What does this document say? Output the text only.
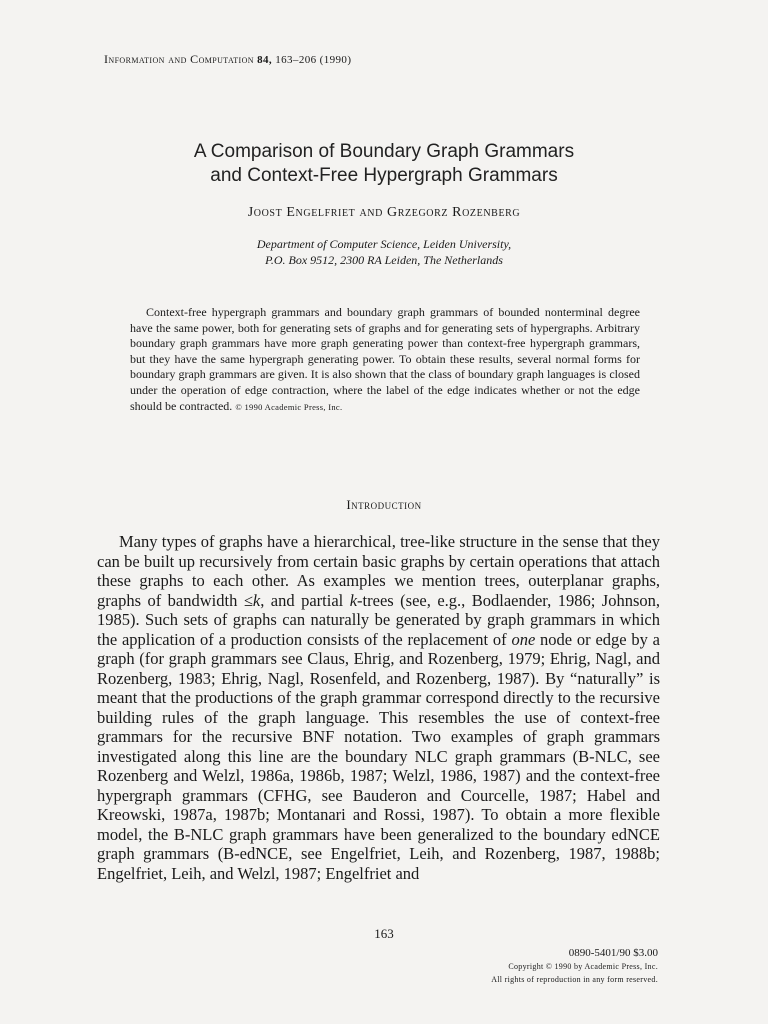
Information and Computation 84, 163–206 (1990)
A Comparison of Boundary Graph Grammars
and Context-Free Hypergraph Grammars
Joost Engelfriet and Grzegorz Rozenberg
Department of Computer Science, Leiden University,
P.O. Box 9512, 2300 RA Leiden, The Netherlands
Context-free hypergraph grammars and boundary graph grammars of bounded nonterminal degree have the same power, both for generating sets of graphs and for generating sets of hypergraphs. Arbitrary boundary graph grammars have more graph generating power than context-free hypergraph grammars, but they have the same hypergraph generating power. To obtain these results, several normal forms for boundary graph grammars are given. It is also shown that the class of boundary graph languages is closed under the operation of edge contraction, where the label of the edge indicates whether or not the edge should be contracted. © 1990 Academic Press, Inc.
Introduction
Many types of graphs have a hierarchical, tree-like structure in the sense that they can be built up recursively from certain basic graphs by certain operations that attach these graphs to each other. As examples we mention trees, outerplanar graphs, graphs of bandwidth ≤k, and partial k-trees (see, e.g., Bodlaender, 1986; Johnson, 1985). Such sets of graphs can naturally be generated by graph grammars in which the application of a production consists of the replacement of one node or edge by a graph (for graph grammars see Claus, Ehrig, and Rozenberg, 1979; Ehrig, Nagl, and Rozenberg, 1983; Ehrig, Nagl, Rosenfeld, and Rozenberg, 1987). By “naturally” is meant that the productions of the graph grammar correspond directly to the recursive building rules of the graph language. This resembles the use of context-free grammars for the recursive BNF notation. Two examples of graph grammars investigated along this line are the boundary NLC graph grammars (B-NLC, see Rozenberg and Welzl, 1986a, 1986b, 1987; Welzl, 1986, 1987) and the context-free hypergraph grammars (CFHG, see Bauderon and Courcelle, 1987; Habel and Kreowski, 1987a, 1987b; Montanari and Rossi, 1987). To obtain a more flexible model, the B-NLC graph grammars have been generalized to the boundary edNCE graph grammars (B-edNCE, see Engelfriet, Leih, and Rozenberg, 1987, 1988b; Engelfriet, Leih, and Welzl, 1987; Engelfriet and
163
0890-5401/90 $3.00
Copyright © 1990 by Academic Press, Inc.
All rights of reproduction in any form reserved.
